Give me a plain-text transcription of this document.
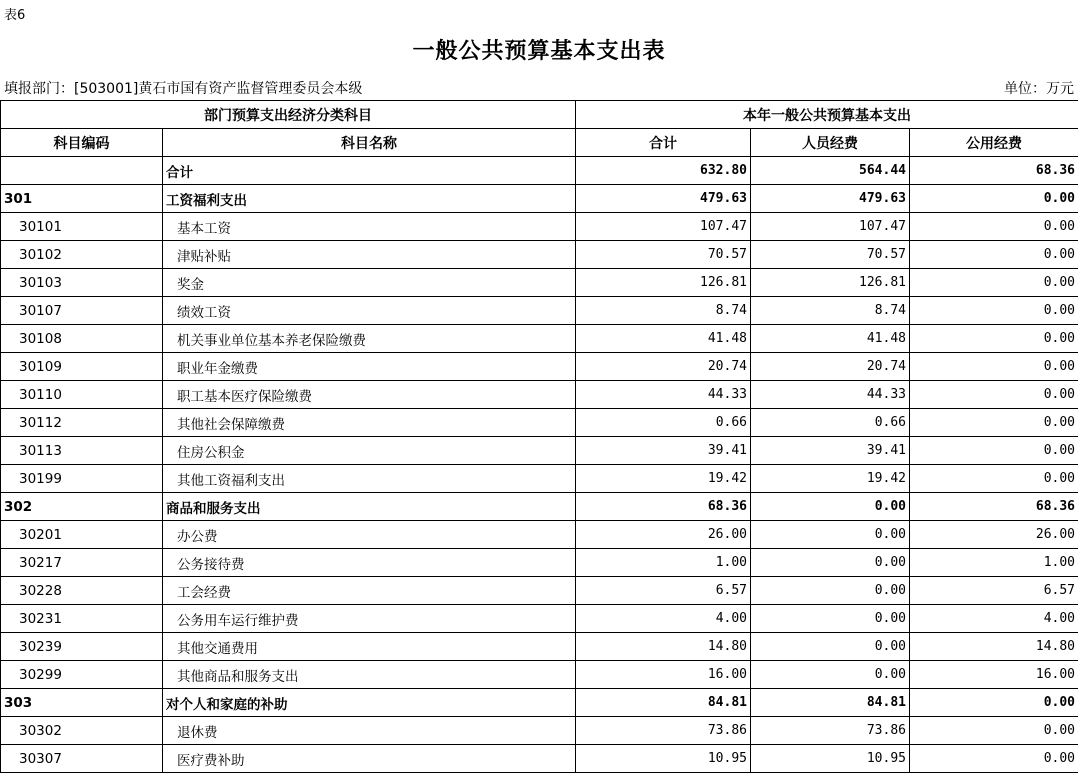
表6
一般公共预算基本支出表
填报部门：[503001]黄石市国有资产监督管理委员会本级	单位：万元
部门预算支出经济分类科目		本年一般公共预算基本支出		
科目编码	科目名称	合计	人员经费	公用经费
	合计	632.80	564.44	68.36
301	工资福利支出	479.63	479.63	0.00
30101	基本工资	107.47	107.47	0.00
30102	津贴补贴	70.57	70.57	0.00
30103	奖金	126.81	126.81	0.00
30107	绩效工资	8.74	8.74	0.00
30108	机关事业单位基本养老保险缴费	41.48	41.48	0.00
30109	职业年金缴费	20.74	20.74	0.00
30110	职工基本医疗保险缴费	44.33	44.33	0.00
30112	其他社会保障缴费	0.66	0.66	0.00
30113	住房公积金	39.41	39.41	0.00
30199	其他工资福利支出	19.42	19.42	0.00
302	商品和服务支出	68.36	0.00	68.36
30201	办公费	26.00	0.00	26.00
30217	公务接待费	1.00	0.00	1.00
30228	工会经费	6.57	0.00	6.57
30231	公务用车运行维护费	4.00	0.00	4.00
30239	其他交通费用	14.80	0.00	14.80
30299	其他商品和服务支出	16.00	0.00	16.00
303	对个人和家庭的补助	84.81	84.81	0.00
30302	退休费	73.86	73.86	0.00
30307	医疗费补助	10.95	10.95	0.00
